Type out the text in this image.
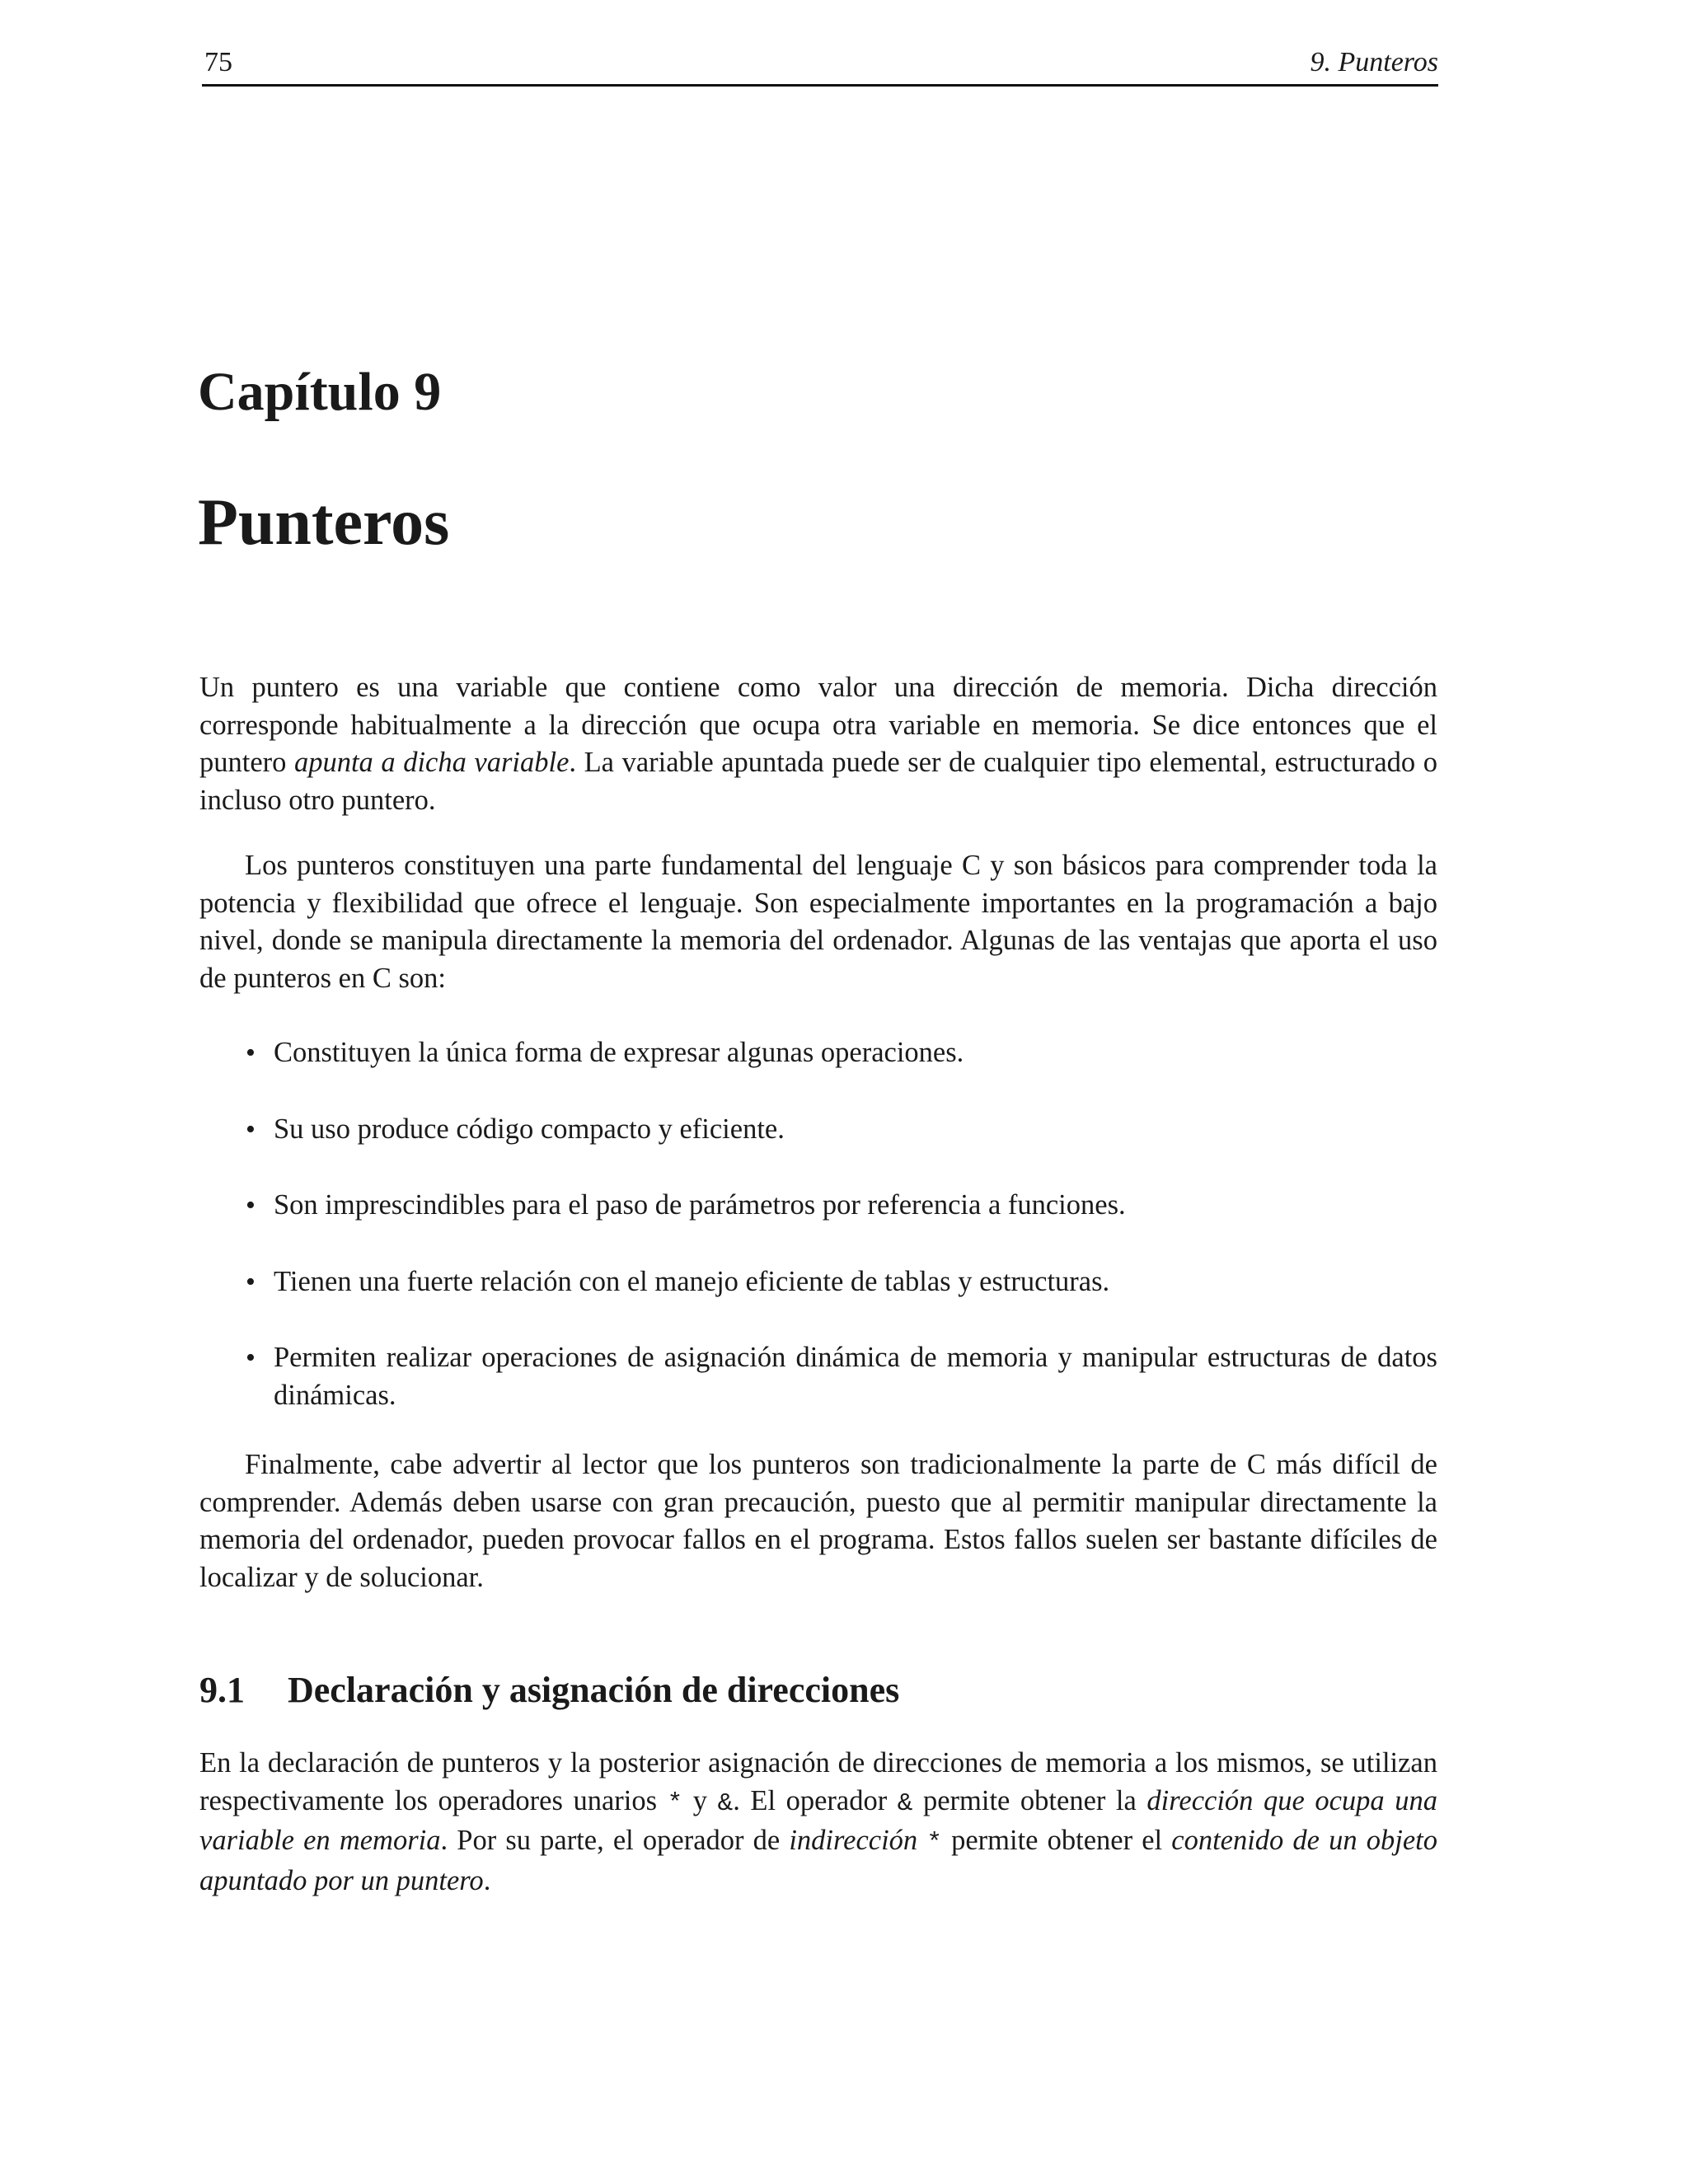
75	9. Punteros
Capítulo 9
Punteros

Un puntero es una variable que contiene como valor una dirección de memoria. Dicha dirección corresponde habitualmente a la dirección que ocupa otra variable en memoria. Se dice entonces que el puntero apunta a dicha variable. La variable apuntada puede ser de cualquier tipo elemental, estructurado o incluso otro puntero.

Los punteros constituyen una parte fundamental del lenguaje C y son básicos para comprender toda la potencia y flexibilidad que ofrece el lenguaje. Son especialmente importantes en la programación a bajo nivel, donde se manipula directamente la memoria del ordenador. Algunas de las ventajas que aporta el uso de punteros en C son:

• Constituyen la única forma de expresar algunas operaciones.
• Su uso produce código compacto y eficiente.
• Son imprescindibles para el paso de parámetros por referencia a funciones.
• Tienen una fuerte relación con el manejo eficiente de tablas y estructuras.
• Permiten realizar operaciones de asignación dinámica de memoria y manipular estructuras de datos dinámicas.

Finalmente, cabe advertir al lector que los punteros son tradicionalmente la parte de C más difícil de comprender. Además deben usarse con gran precaución, puesto que al permitir manipular directamente la memoria del ordenador, pueden provocar fallos en el programa. Estos fallos suelen ser bastante difíciles de localizar y de solucionar.

9.1 Declaración y asignación de direcciones

En la declaración de punteros y la posterior asignación de direcciones de memoria a los mismos, se utilizan respectivamente los operadores unarios * y &. El operador & permite obtener la dirección que ocupa una variable en memoria. Por su parte, el operador de indirección * permite obtener el contenido de un objeto apuntado por un puntero.
